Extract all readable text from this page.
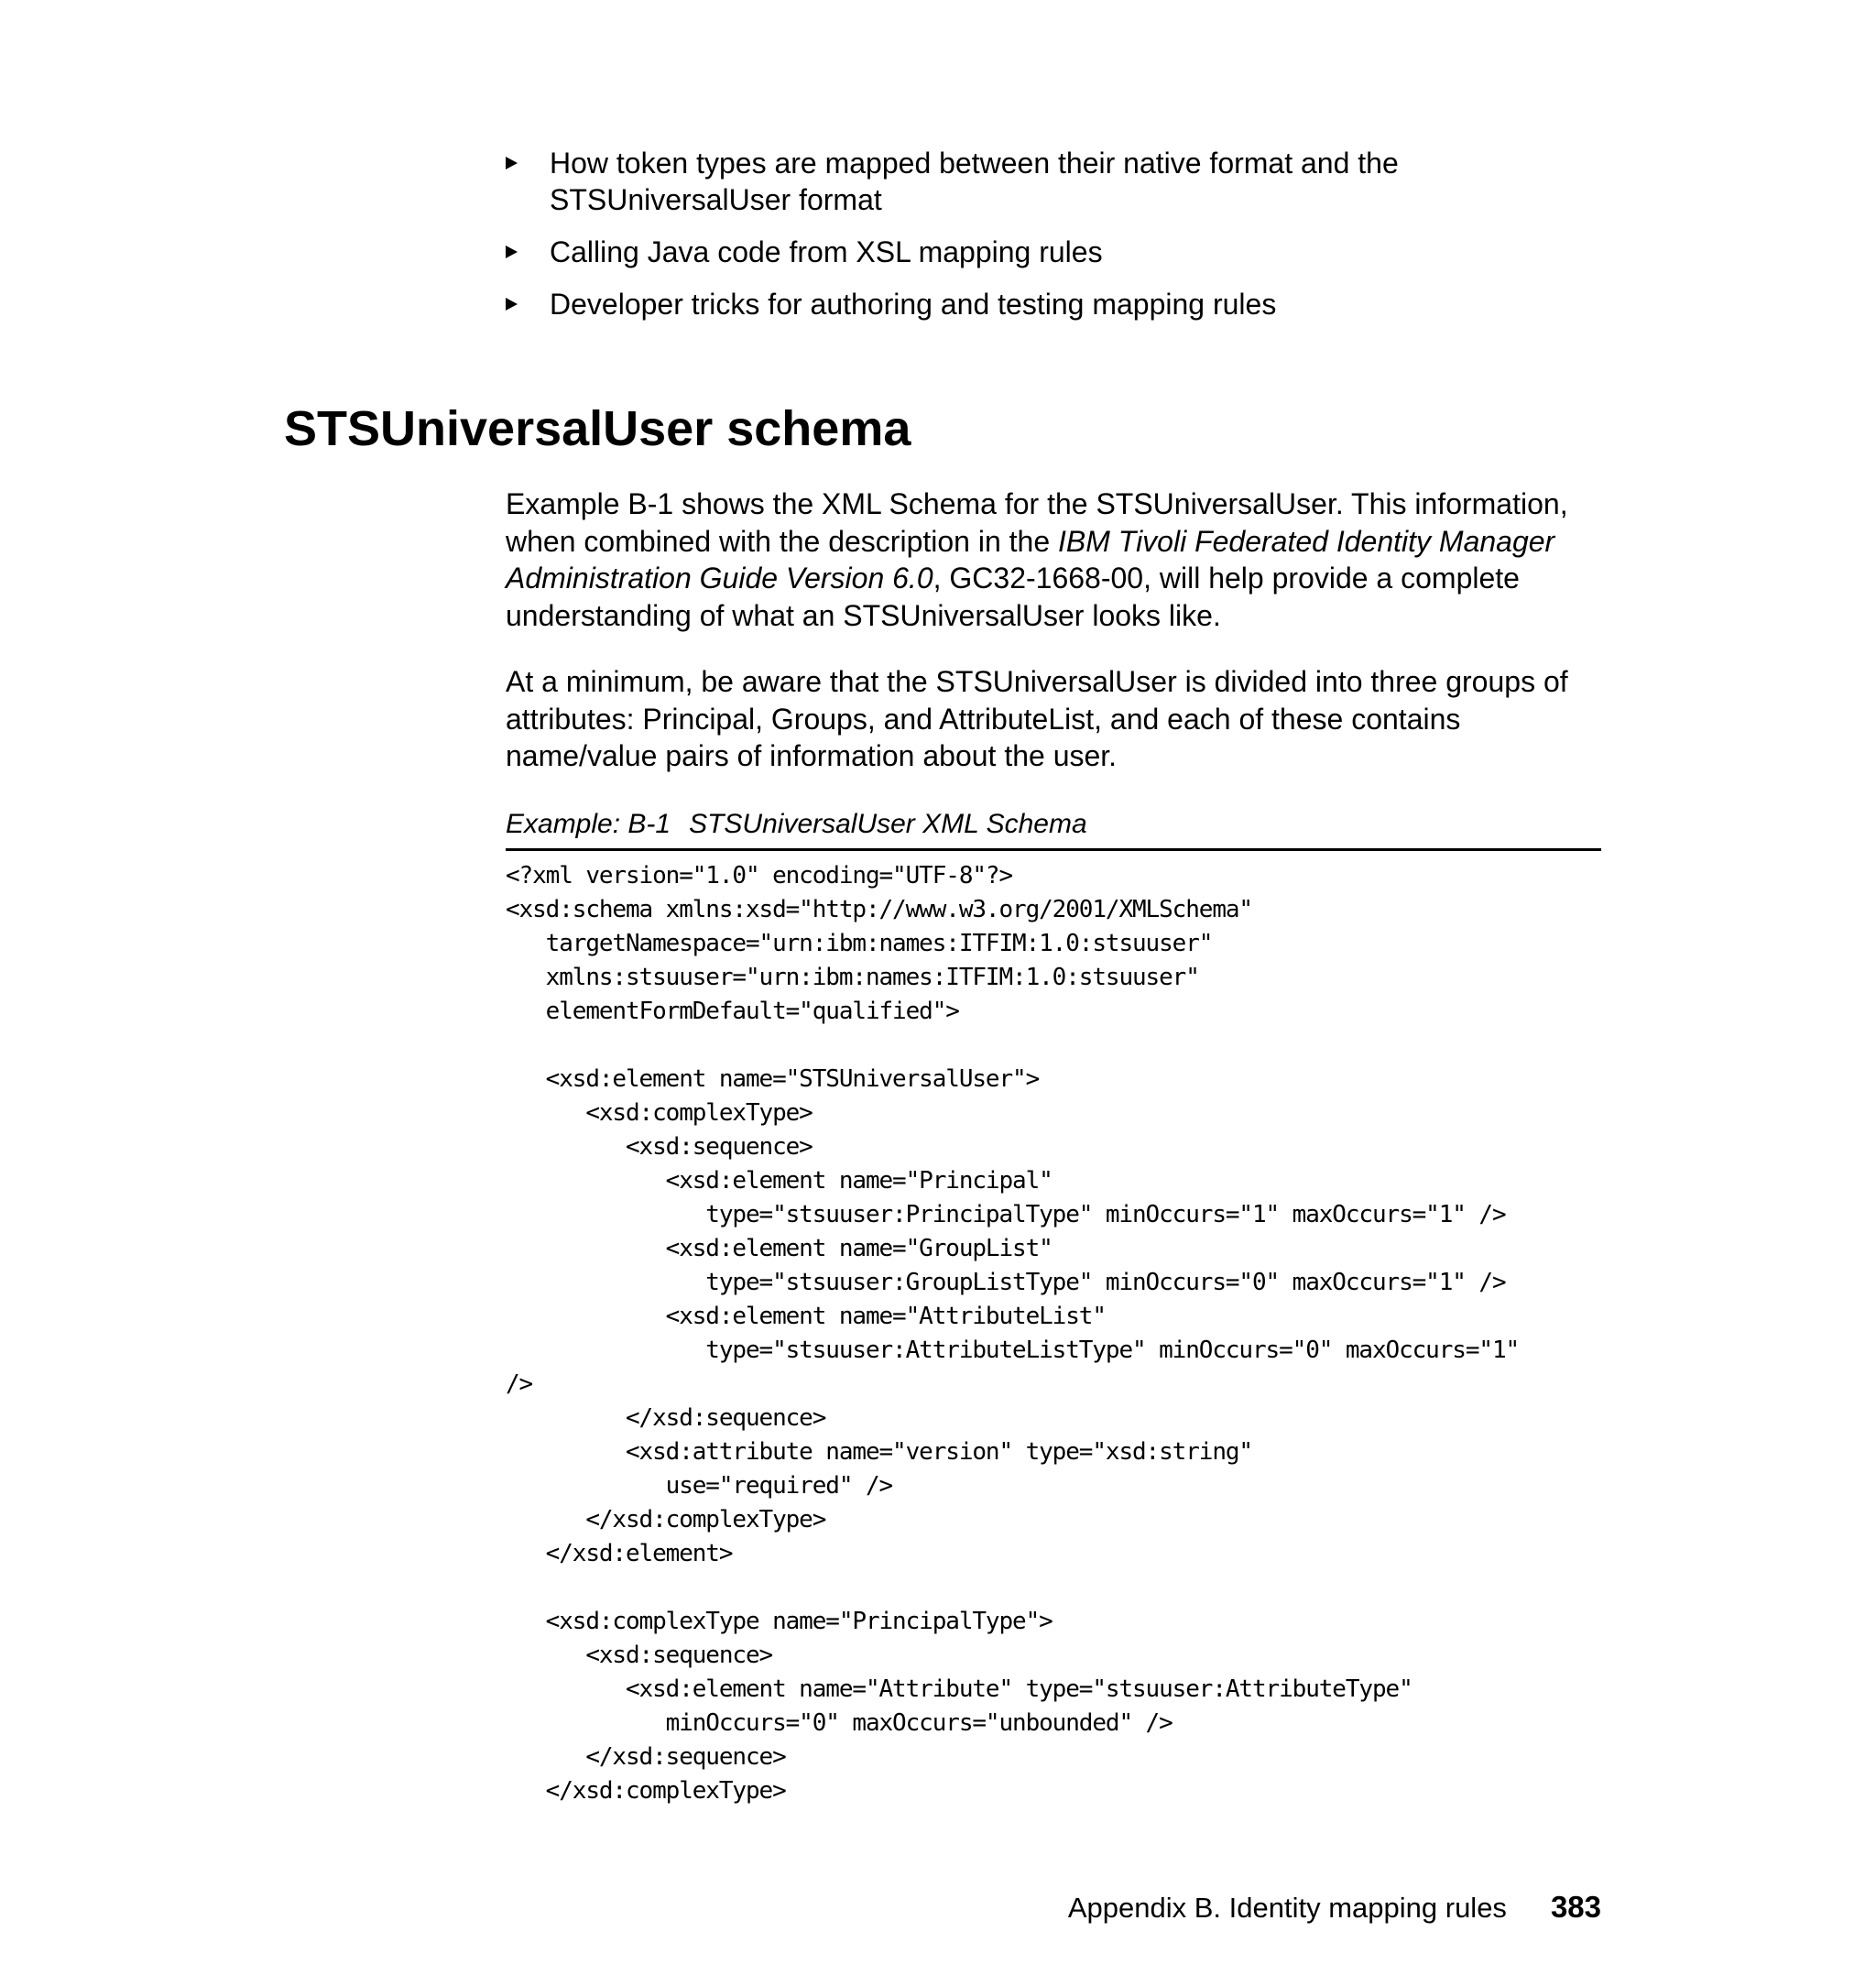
How token types are mapped between their native format and the STSUniversalUser format
Calling Java code from XSL mapping rules
Developer tricks for authoring and testing mapping rules
STSUniversalUser schema

Example B-1 shows the XML Schema for the STSUniversalUser. This information, when combined with the description in the IBM Tivoli Federated Identity Manager Administration Guide Version 6.0, GC32-1668-00, will help provide a complete understanding of what an STSUniversalUser looks like.

At a minimum, be aware that the STSUniversalUser is divided into three groups of attributes: Principal, Groups, and AttributeList, and each of these contains name/value pairs of information about the user.

Example: B-1 STSUniversalUser XML Schema
<?xml version="1.0" encoding="UTF-8"?>
<xsd:schema xmlns:xsd="http://www.w3.org/2001/XMLSchema"
targetNamespace="urn:ibm:names:ITFIM:1.0:stsuuser"
xmlns:stsuuser="urn:ibm:names:ITFIM:1.0:stsuuser"
elementFormDefault="qualified">
<xsd:element name="STSUniversalUser">
<xsd:complexType>
<xsd:sequence>
<xsd:element name="Principal"
type="stsuuser:PrincipalType" minOccurs="1" maxOccurs="1" />
<xsd:element name="GroupList"
type="stsuuser:GroupListType" minOccurs="0" maxOccurs="1" />
<xsd:element name="AttributeList"
type="stsuuser:AttributeListType" minOccurs="0" maxOccurs="1"
/>
</xsd:sequence>
<xsd:attribute name="version" type="xsd:string"
use="required" />
</xsd:complexType>
</xsd:element>
<xsd:complexType name="PrincipalType">
<xsd:sequence>
<xsd:element name="Attribute" type="stsuuser:AttributeType"
minOccurs="0" maxOccurs="unbounded" />
</xsd:sequence>
</xsd:complexType>
Appendix B. Identity mapping rules 383
